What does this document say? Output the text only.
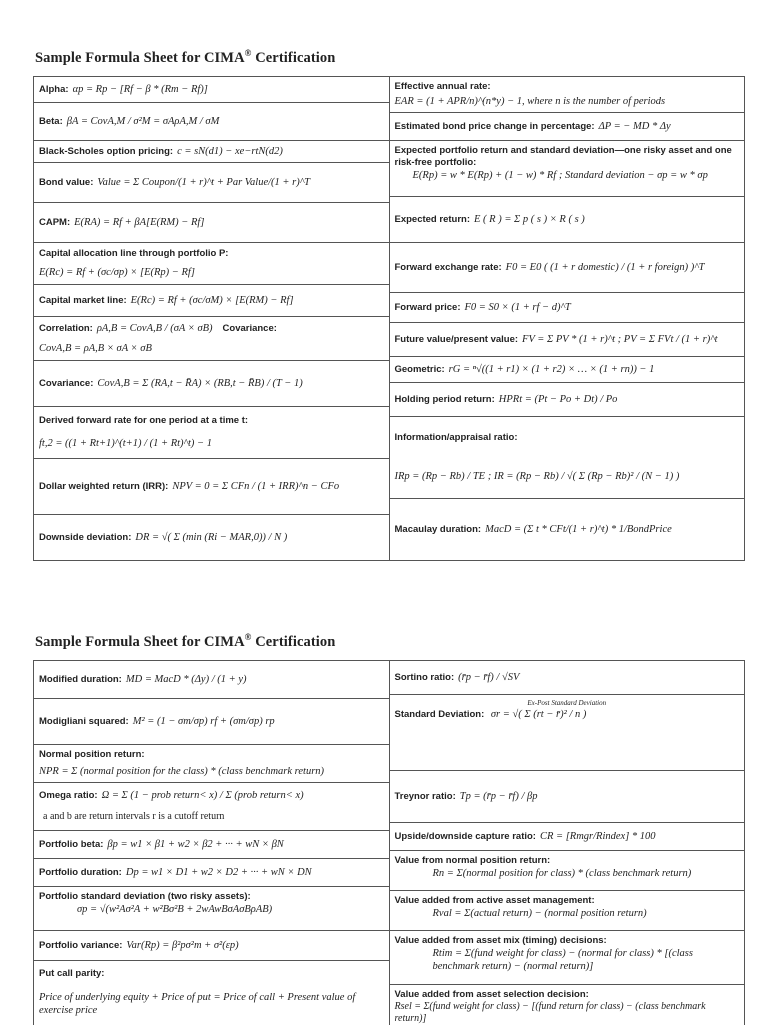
Sample Formula Sheet for CIMA® Certification
Alpha: αp = Rp − [Rf − β * (Rm − Rf)]
Beta: βA = CovA,M / σ²M = σAρA,M / σM
Black-Scholes option pricing: c = sN(d1) − xe−rtN(d2)
Bond value: Value = Σ Coupon/(1 + r)^t + Par Value/(1 + r)^T
CAPM: E(RA) = Rf + βA[E(RM) − Rf]
Capital allocation line through portfolio P:
E(Rc) = Rf + (σc/σp) × [E(Rp) − Rf]
Capital market line: E(Rc) = Rf + (σc/σM) × [E(RM) − Rf]
Correlation: ρA,B = CovA,B / (σA × σB) Covariance:
CovA,B = ρA,B × σA × σB
Covariance: CovA,B = Σ (RA,t − R̄A) × (RB,t − R̄B) / (T − 1)
Derived forward rate for one period at a time t:
ft,2 = ((1 + Rt+1)^(t+1) / (1 + Rt)^t) − 1
Dollar weighted return (IRR): NPV = 0 = Σ CFn / (1 + IRR)^n − CFo
Downside deviation: DR = √( Σ (min (Ri − MAR,0)) / N )
Effective annual rate:
EAR = (1 + APR/n)^(n*y) − 1, where n is the number of periods
Estimated bond price change in percentage: ΔP = − MD * Δy
Expected portfolio return and standard deviation—one risky asset and one risk-free portfolio:
E(Rp) = w * E(Rp) + (1 − w) * Rf ; Standard deviation − σp = w * σp
Expected return: E ( R ) = Σ p ( s ) × R ( s )
Forward exchange rate: F0 = E0 ( (1 + r domestic) / (1 + r foreign) )^T
Forward price: F0 = S0 × (1 + rf − d)^T
Future value/present value: FV = Σ PV * (1 + r)^t ; PV = Σ FVt / (1 + r)^t
Geometric: rG = ⁿ√((1 + r1) × (1 + r2) × … × (1 + rn)) − 1
Holding period return: HPRt = (Pt − Po + Dt) / Po
Information/appraisal ratio:
IRp = (Rp − Rb) / TE ; IR = (Rp − Rb) / √( Σ (Rp − Rb)² / (N − 1) )
Macaulay duration: MacD = (Σ t * CFt/(1 + r)^t) * 1/BondPrice
Sample Formula Sheet for CIMA® Certification
Modified duration: MD = MacD * (Δy) / (1 + y)
Modigliani squared: M² = (1 − σm/σp) rf + (σm/σp) rp
Normal position return:
NPR = Σ (normal position for the class) * (class benchmark return)
Omega ratio: Ω = Σ (1 − prob return< x) / Σ (prob return< x)
a and b are return intervals r is a cutoff return
Portfolio beta: βp = w1 × β1 + w2 × β2 + ··· + wN × βN
Portfolio duration: Dp = w1 × D1 + w2 × D2 + ··· + wN × DN
Portfolio standard deviation (two risky assets):
σp = √(w²Aσ²A + w²Bσ²B + 2wAwBσAσBρAB)
Portfolio variance: Var(Rp) = β²pσ²m + σ²(εp)
Put call parity:
Price of underlying equity + Price of put = Price of call + Present value of exercise price
Sortino ratio: (r̄p − r̄f) / √SV
Ex-Post Standard Deviation
Standard Deviation: σr = √( Σ (rt − r̄)² / n )
Treynor ratio: Tp = (r̄p − r̄f) / βp
Upside/downside capture ratio: CR = [Rmgr/Rindex] * 100
Value from normal position return:
Rn = Σ(normal position for class) * (class benchmark return)
Value added from active asset management:
Rval = Σ(actual return) − (normal position return)
Value added from asset mix (timing) decisions:
Rtim = Σ(fund weight for class) − (normal for class) * [(class benchmark return) − (normal return)]
Value added from asset selection decision:
Rsel = Σ(fund weight for class) − [(fund return for class) − (class benchmark return)]
